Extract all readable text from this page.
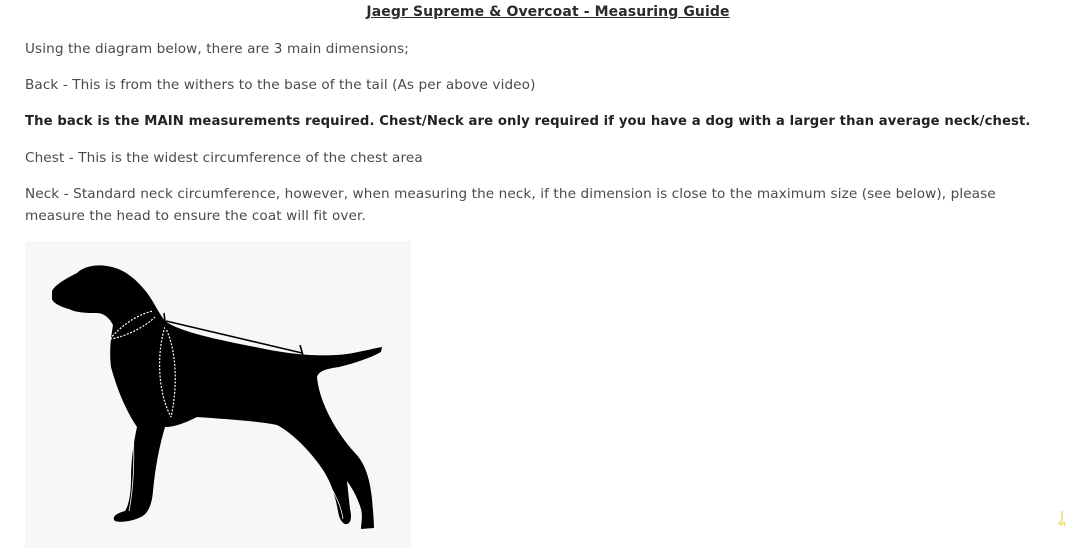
Jaegr Supreme & Overcoat - Measuring Guide

Using the diagram below, there are 3 main dimensions;

Back - This is from the withers to the base of the tail (As per above video)

The back is the MAIN measurements required. Chest/Neck are only required if you have a dog with a larger than average neck/chest.

Chest - This is the widest circumference of the chest area

Neck - Standard neck circumference, however, when measuring the neck, if the dimension is close to the maximum size (see below), please measure the head to ensure the coat will fit over.
